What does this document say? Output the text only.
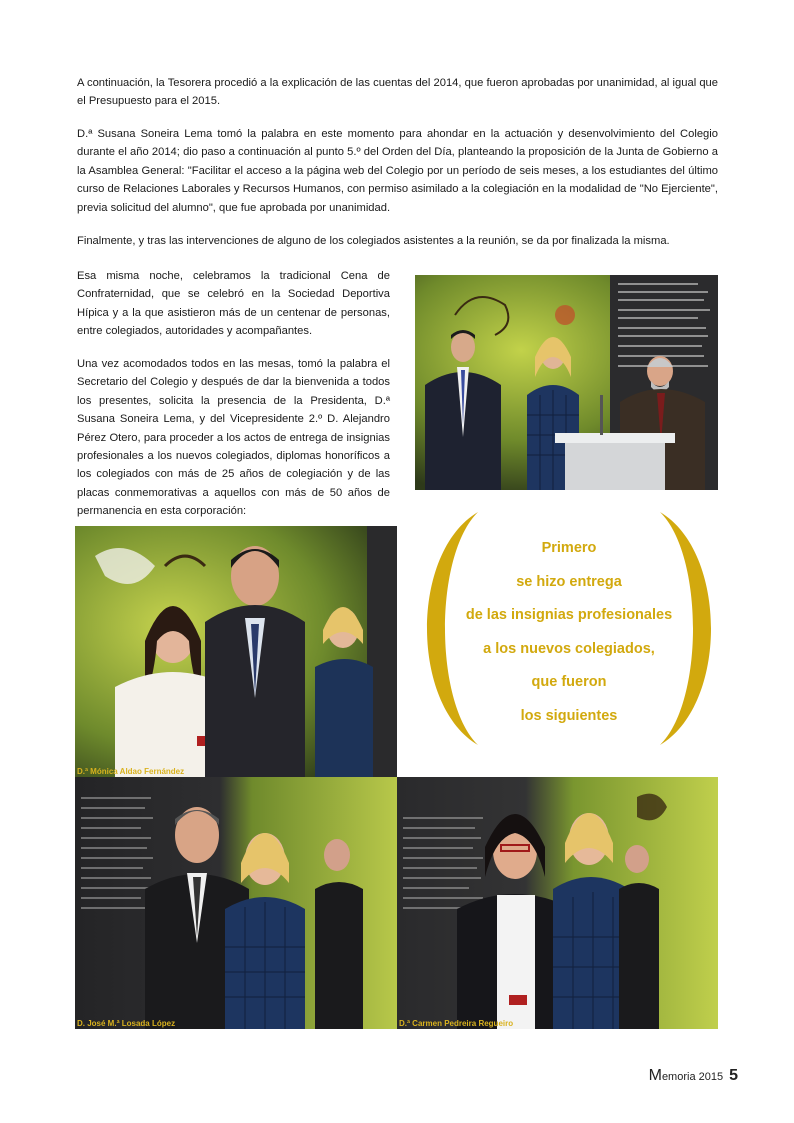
A continuación, la Tesorera procedió a la explicación de las cuentas del 2014, que fueron aprobadas por unanimidad, al igual que el Presupuesto para el 2015.

D.ª Susana Soneira Lema tomó la palabra en este momento para ahondar en la actuación y desenvolvimiento del Colegio durante el año 2014; dio paso a continuación al punto 5.º del Orden del Día, planteando la proposición de la Junta de Gobierno a la Asamblea General: "Facilitar el acceso a la página web del Colegio por un período de seis meses, a los estudiantes del último curso de Relaciones Laborales y Recursos Humanos, con permiso asimilado a la colegiación en la modalidad de "No Ejerciente", previa solicitud del alumno", que fue aprobada por unanimidad.

Finalmente, y tras las intervenciones de alguno de los colegiados asistentes a la reunión, se da por finalizada la misma.

Esa misma noche, celebramos la tradicional Cena de Confraternidad, que se celebró en la Sociedad Deportiva Hípica y a la que asistieron más de un centenar de personas, entre colegiados, autoridades y acompañantes.

Una vez acomodados todos en las mesas, tomó la palabra el Secretario del Colegio y después de dar la bienvenida a todos los presentes, solicita la presencia de la Presidenta, D.ª Susana Soneira Lema, y del Vicepresidente 2.º D. Alejandro Pérez Otero, para proceder a los actos de entrega de insignias profesionales a los nuevos colegiados, diplomas honoríficos a los colegiados con más de 25 años de colegiación y de las placas conmemorativas a aquellos con más de 50 años de permanencia en esta corporación:

D.ª Mónica Aldao Fernández
Primero
se hizo entrega
de las insignias profesionales
a los nuevos colegiados,
que fueron
los siguientes
D. José M.ª Losada López	D.ª Carmen Pedreira Regueiro
Memoria 2015 5
